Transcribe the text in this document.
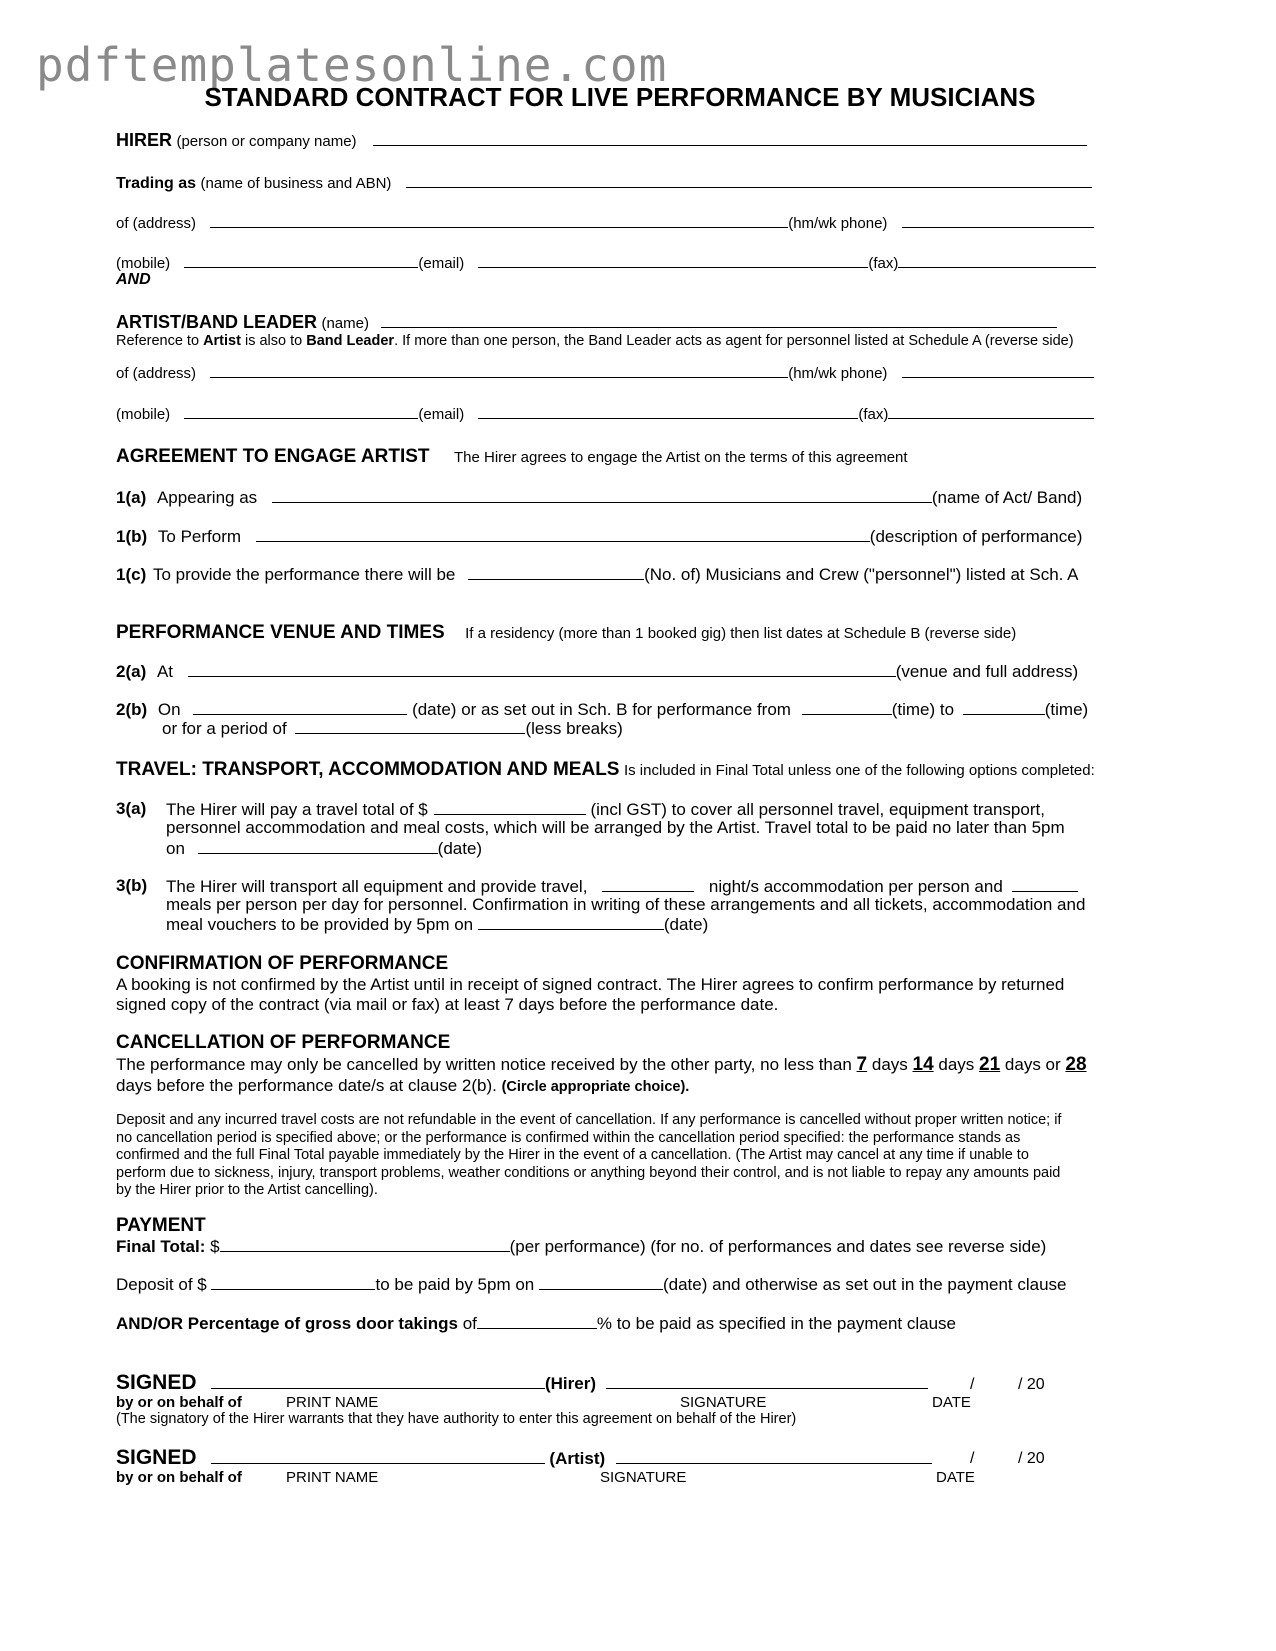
pdftemplatesonline.com
STANDARD CONTRACT FOR LIVE PERFORMANCE BY MUSICIANS
HIRER (person or company name)
Trading as (name of business and ABN)
of (address)	(hm/wk phone)
(mobile)	(email)	(fax)
AND
ARTIST/BAND LEADER (name)
Reference to Artist is also to Band Leader. If more than one person, the Band Leader acts as agent for personnel listed at Schedule A (reverse side)
of (address)	(hm/wk phone)
(mobile)	(email)	(fax)
AGREEMENT TO ENGAGE ARTIST The Hirer agrees to engage the Artist on the terms of this agreement
1(a) Appearing as	(name of Act/ Band)
1(b) To Perform	(description of performance)
1(c) To provide the performance there will be	(No. of) Musicians and Crew ("personnel") listed at Sch. A
PERFORMANCE VENUE AND TIMES If a residency (more than 1 booked gig) then list dates at Schedule B (reverse side)
2(a) At	(venue and full address)
2(b) On	(date) or as set out in Sch. B for performance from	(time) to	(time)
or for a period of	(less breaks)
TRAVEL: TRANSPORT, ACCOMMODATION AND MEALS Is included in Final Total unless one of the following options completed:
3(a) The Hirer will pay a travel total of $	(incl GST) to cover all personnel travel, equipment transport,
personnel accommodation and meal costs, which will be arranged by the Artist. Travel total to be paid no later than 5pm
on	(date)
3(b) The Hirer will transport all equipment and provide travel,	night/s accommodation per person and
meals per person per day for personnel. Confirmation in writing of these arrangements and all tickets, accommodation and
meal vouchers to be provided by 5pm on	(date)
CONFIRMATION OF PERFORMANCE
A booking is not confirmed by the Artist until in receipt of signed contract. The Hirer agrees to confirm performance by returned signed copy of the contract (via mail or fax) at least 7 days before the performance date.
CANCELLATION OF PERFORMANCE
The performance may only be cancelled by written notice received by the other party, no less than 7 days 14 days 21 days or 28
days before the performance date/s at clause 2(b). (Circle appropriate choice).
Deposit and any incurred travel costs are not refundable in the event of cancellation. If any performance is cancelled without proper written notice; if no cancellation period is specified above; or the performance is confirmed within the cancellation period specified: the performance stands as confirmed and the full Final Total payable immediately by the Hirer in the event of a cancellation. (The Artist may cancel at any time if unable to perform due to sickness, injury, transport problems, weather conditions or anything beyond their control, and is not liable to repay any amounts paid by the Hirer prior to the Artist cancelling).
PAYMENT
Final Total: $	(per performance) (for no. of performances and dates see reverse side)
Deposit of $	to be paid by 5pm on	(date) and otherwise as set out in the payment clause
AND/OR Percentage of gross door takings of	% to be paid as specified in the payment clause
SIGNED	(Hirer)	/	/ 20
by or on behalf of	PRINT NAME	SIGNATURE	DATE
(The signatory of the Hirer warrants that they have authority to enter this agreement on behalf of the Hirer)
SIGNED	(Artist)	/	/ 20
by or on behalf of	PRINT NAME	SIGNATURE	DATE
